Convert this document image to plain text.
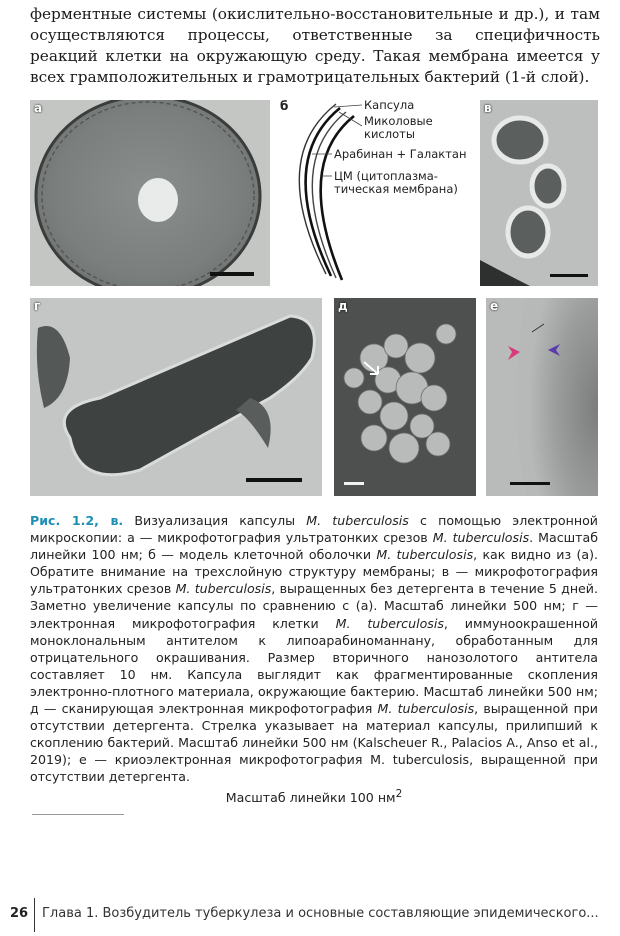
ферментные системы (окислительно-восстановительные и др.), и там осуществляются процессы, ответственные за специфичность реакций клетки на окружающую среду. Такая мембрана имеется у всех грамположительных и грамотрицательных бактерий (1-й слой).

а	Капсула
Миколовые
кислоты
Арабинан + Галактан
ЦМ (цитоплазма-
тическая мембрана)
б	в
г	д	е
Рис. 1.2, в. Визуализация капсулы M. tuberculosis с помощью электронной микроскопии: а — микрофотография ультратонких срезов M. tuberculosis. Масштаб линейки 100 нм; б — модель клеточной оболочки M. tuberculosis, как видно из (а). Обратите внимание на трехслойную структуру мембраны; в — микрофотография ультратонких срезов M. tuberculosis, выращенных без детергента в течение 5 дней. Заметно увеличение капсулы по сравнению с (а). Масштаб линейки 500 нм; г — электронная микрофотография клетки M. tuberculosis, иммуноокрашенной моноклональным антителом к липоарабиноманнану, обработанным для отрицательного окрашивания. Размер вторичного нанозолотого антитела составляет 10 нм. Капсула выглядит как фрагментированные скопления электронно-плотного материала, окружающие бактерию. Масштаб линейки 500 нм; д — сканирующая электронная микрофотография M. tuberculosis, выращенной при отсутствии детергента. Стрелка указывает на материал капсулы, прилипший к скоплению бактерий. Масштаб линейки 500 нм (Kalscheuer R., Palacios A., Anso et al., 2019); е — криоэлектронная микрофотография M. tuberculosis, выращенной при отсутствии детергента.
Масштаб линейки 100 $нм^2$
26 Глава 1. Возбудитель туберкулеза и основные составляющие эпидемического...
